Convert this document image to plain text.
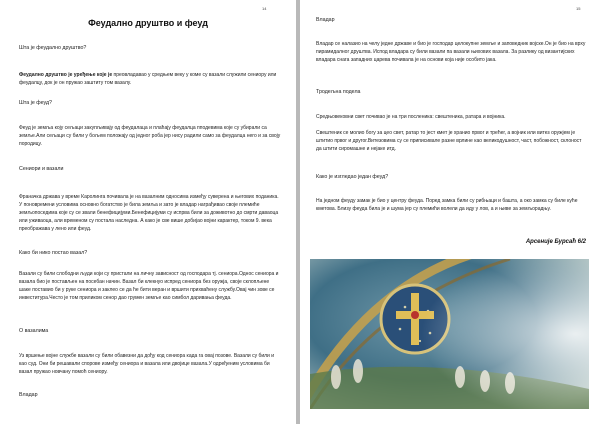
14
Феудално друштво и феуд
Шта је феудално друштво?
Феудално друштво је уређење које је преовладавао у средњем веку у коме су вазали служили сениору или феудалцу, док је он пружао заштиту том вазалу.
Шта је феуд?
Феуд је земља коју сељаци закупљивају од феудалаца и плаћају феудалца пподевима које су убирали са земље.Али сељаци су били у бољем положају од једног роба јер нису радили само за феудалца него и за своју породицу.
Сениори и вазали
Франачка држава у време Каролинга почивала је на вазалним односима између суверена и његових поданика. У поновремени условима основно богатство је била земља и зато је владар награђивао своје племиће земљопоседима које су се звали бенефицијуми.Бенефицијуми су испрва били за доживотно до смрти даваоца или уживаоца, али временом су постала наследна. А како је све више добијао војни карактер, током 9. века преображава у лено или феуд.
Како би нико постао вазал?
Вазали су били слободни људи који су пристали на личну зависност од господара тј. сениора.Однос сениора и вазала био је постављен на посебан начин. Вазал би клекнуо испред сениора без оружја, своје склопљене шаке поставио би у руке сениора и заклео се да ће бити веран и вршити прихваћену службу.Овај чин зове се инвеститура.Често је том приликом сенор дао грумен земље као симбол даривања феуда.
О вазалима
Уз вршење војне службе вазали су били обавезни да дођу код сениора када га овај позове. Вазали су били и као суд. Они би решавали спорове између сениора и вазала или двојице вазала.У одређеним условима би вазал пружао новчану помоћ сениору.
Владар
15
Владар
Владар се налазио на челу једне државе и био је господар целокупне земље и заповедник војске.Он је био на врху пирамидалног друштва. Испод владара су били вазали па вазали њихових вазала. За разлику од византијских владара снага западних царева почивала је на основи која није особито јака.
Тродељна подела
Средњовековни свет почивао је на три посленика: свештеника, ратара и војника.
Свештеник се молио богу за цео свет, ратар то јест кмет је хранио првог и трећег, а војник или витез оружјем је штитио првог и другог.Витезовима су се приписивале разне врлине као великодушност, част, побожност, склоност да штити сиромашне и нејаке итд.
Како је изгледао један феуд?
На једном феуду замак је био у центру феуда. Поред замка били су рибњаци и башта, а око замка су биле куће кметова. Близу феуда била је и шума јер су племићи волели да иду у лов, а и њиве за земљорадњу.
Арсеније Бурсаћ 6/2
